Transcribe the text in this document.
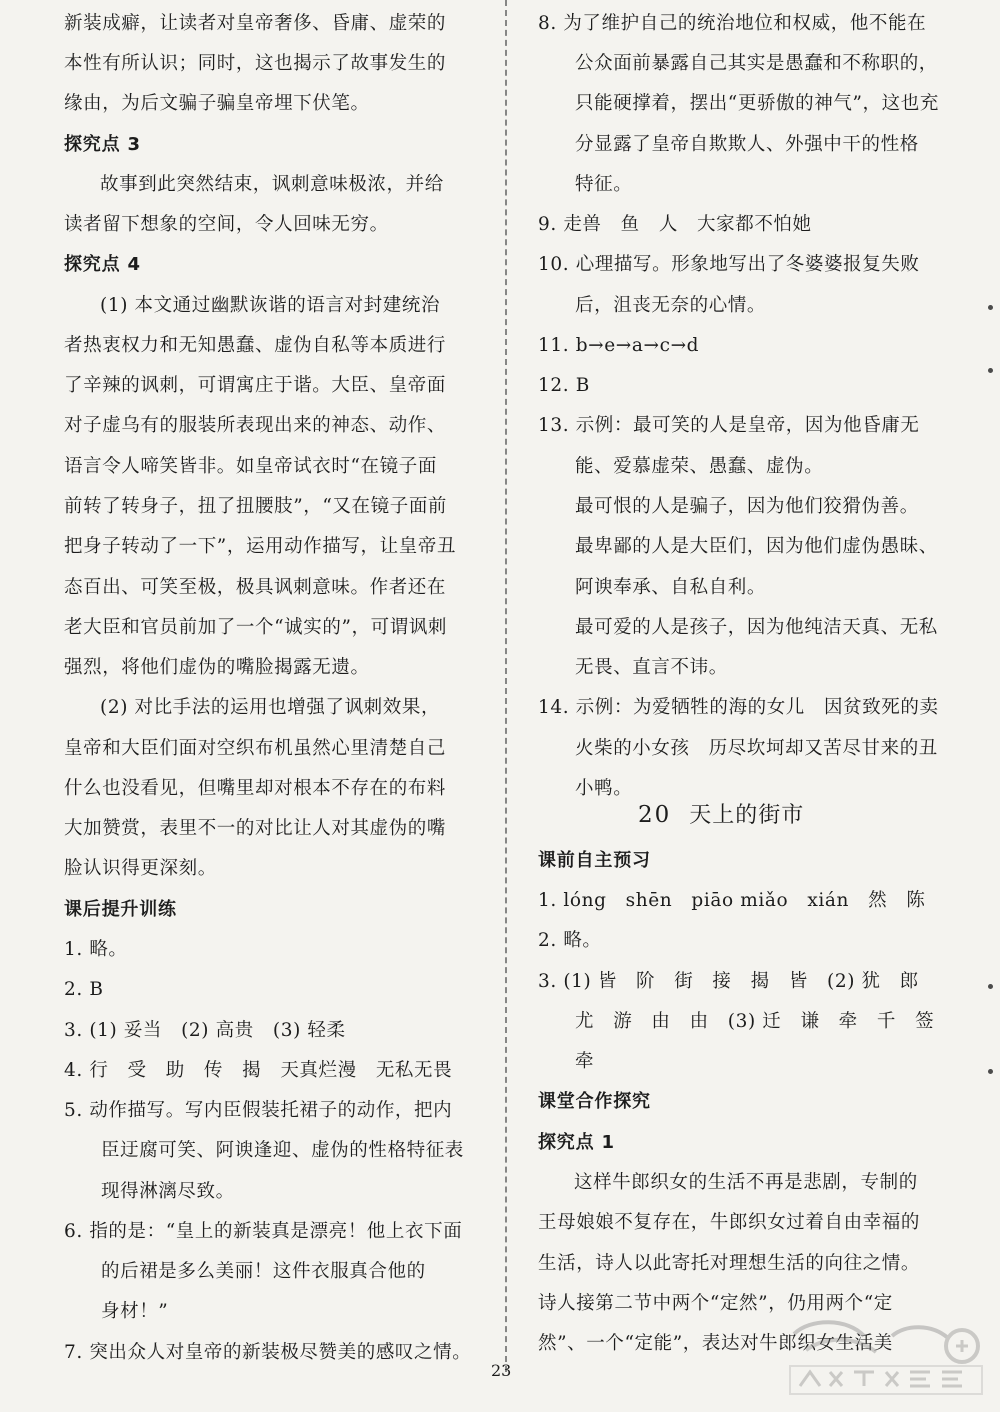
新装成癖，让读者对皇帝奢侈、昏庸、虚荣的
本性有所认识；同时，这也揭示了故事发生的
缘由，为后文骗子骗皇帝埋下伏笔。
探究点 3
故事到此突然结束，讽刺意味极浓，并给
读者留下想象的空间，令人回味无穷。
探究点 4
(1) 本文通过幽默诙谐的语言对封建统治
者热衷权力和无知愚蠢、虚伪自私等本质进行
了辛辣的讽刺，可谓寓庄于谐。大臣、皇帝面
对子虚乌有的服装所表现出来的神态、动作、
语言令人啼笑皆非。如皇帝试衣时“在镜子面
前转了转身子，扭了扭腰肢”，“又在镜子面前
把身子转动了一下”，运用动作描写，让皇帝丑
态百出、可笑至极，极具讽刺意味。作者还在
老大臣和官员前加了一个“诚实的”，可谓讽刺
强烈，将他们虚伪的嘴脸揭露无遗。
(2) 对比手法的运用也增强了讽刺效果，
皇帝和大臣们面对空织布机虽然心里清楚自己
什么也没看见，但嘴里却对根本不存在的布料
大加赞赏，表里不一的对比让人对其虚伪的嘴
脸认识得更深刻。
课后提升训练
1. 略。
2. B
3. (1) 妥当　(2) 高贵　(3) 轻柔
4. 行　受　助　传　揭　天真烂漫　无私无畏
5. 动作描写。写内臣假装托裙子的动作，把内
臣迂腐可笑、阿谀逢迎、虚伪的性格特征表
现得淋漓尽致。
6. 指的是：“皇上的新装真是漂亮！他上衣下面
的后裙是多么美丽！这件衣服真合他的
身材！”
7. 突出众人对皇帝的新装极尽赞美的感叹之情。
8. 为了维护自己的统治地位和权威，他不能在
公众面前暴露自己其实是愚蠢和不称职的，
只能硬撑着，摆出“更骄傲的神气”，这也充
分显露了皇帝自欺欺人、外强中干的性格
特征。
9. 走兽　鱼　人　大家都不怕她
10. 心理描写。形象地写出了冬婆婆报复失败
后，沮丧无奈的心情。
11. b→e→a→c→d
12. B
13. 示例：最可笑的人是皇帝，因为他昏庸无
能、爱慕虚荣、愚蠢、虚伪。
最可恨的人是骗子，因为他们狡猾伪善。
最卑鄙的人是大臣们，因为他们虚伪愚昧、
阿谀奉承、自私自利。
最可爱的人是孩子，因为他纯洁天真、无私
无畏、直言不讳。
14. 示例：为爱牺牲的海的女儿　因贫致死的卖
火柴的小女孩　历尽坎坷却又苦尽甘来的丑
小鸭。
20 天上的街市
课前自主预习
1. lóng　shēn　piāo miǎo　xián　然　陈
2. 略。
3. (1) 皆　阶　街　接　揭　皆　(2) 犹　郎
尤　游　由　由　(3) 迁　谦　牵　千　签
牵
课堂合作探究
探究点 1
这样牛郎织女的生活不再是悲剧，专制的
王母娘娘不复存在，牛郎织女过着自由幸福的
生活，诗人以此寄托对理想生活的向往之情。
诗人接第二节中两个“定然”，仍用两个“定
然”、一个“定能”，表达对牛郎织女生活美
23
